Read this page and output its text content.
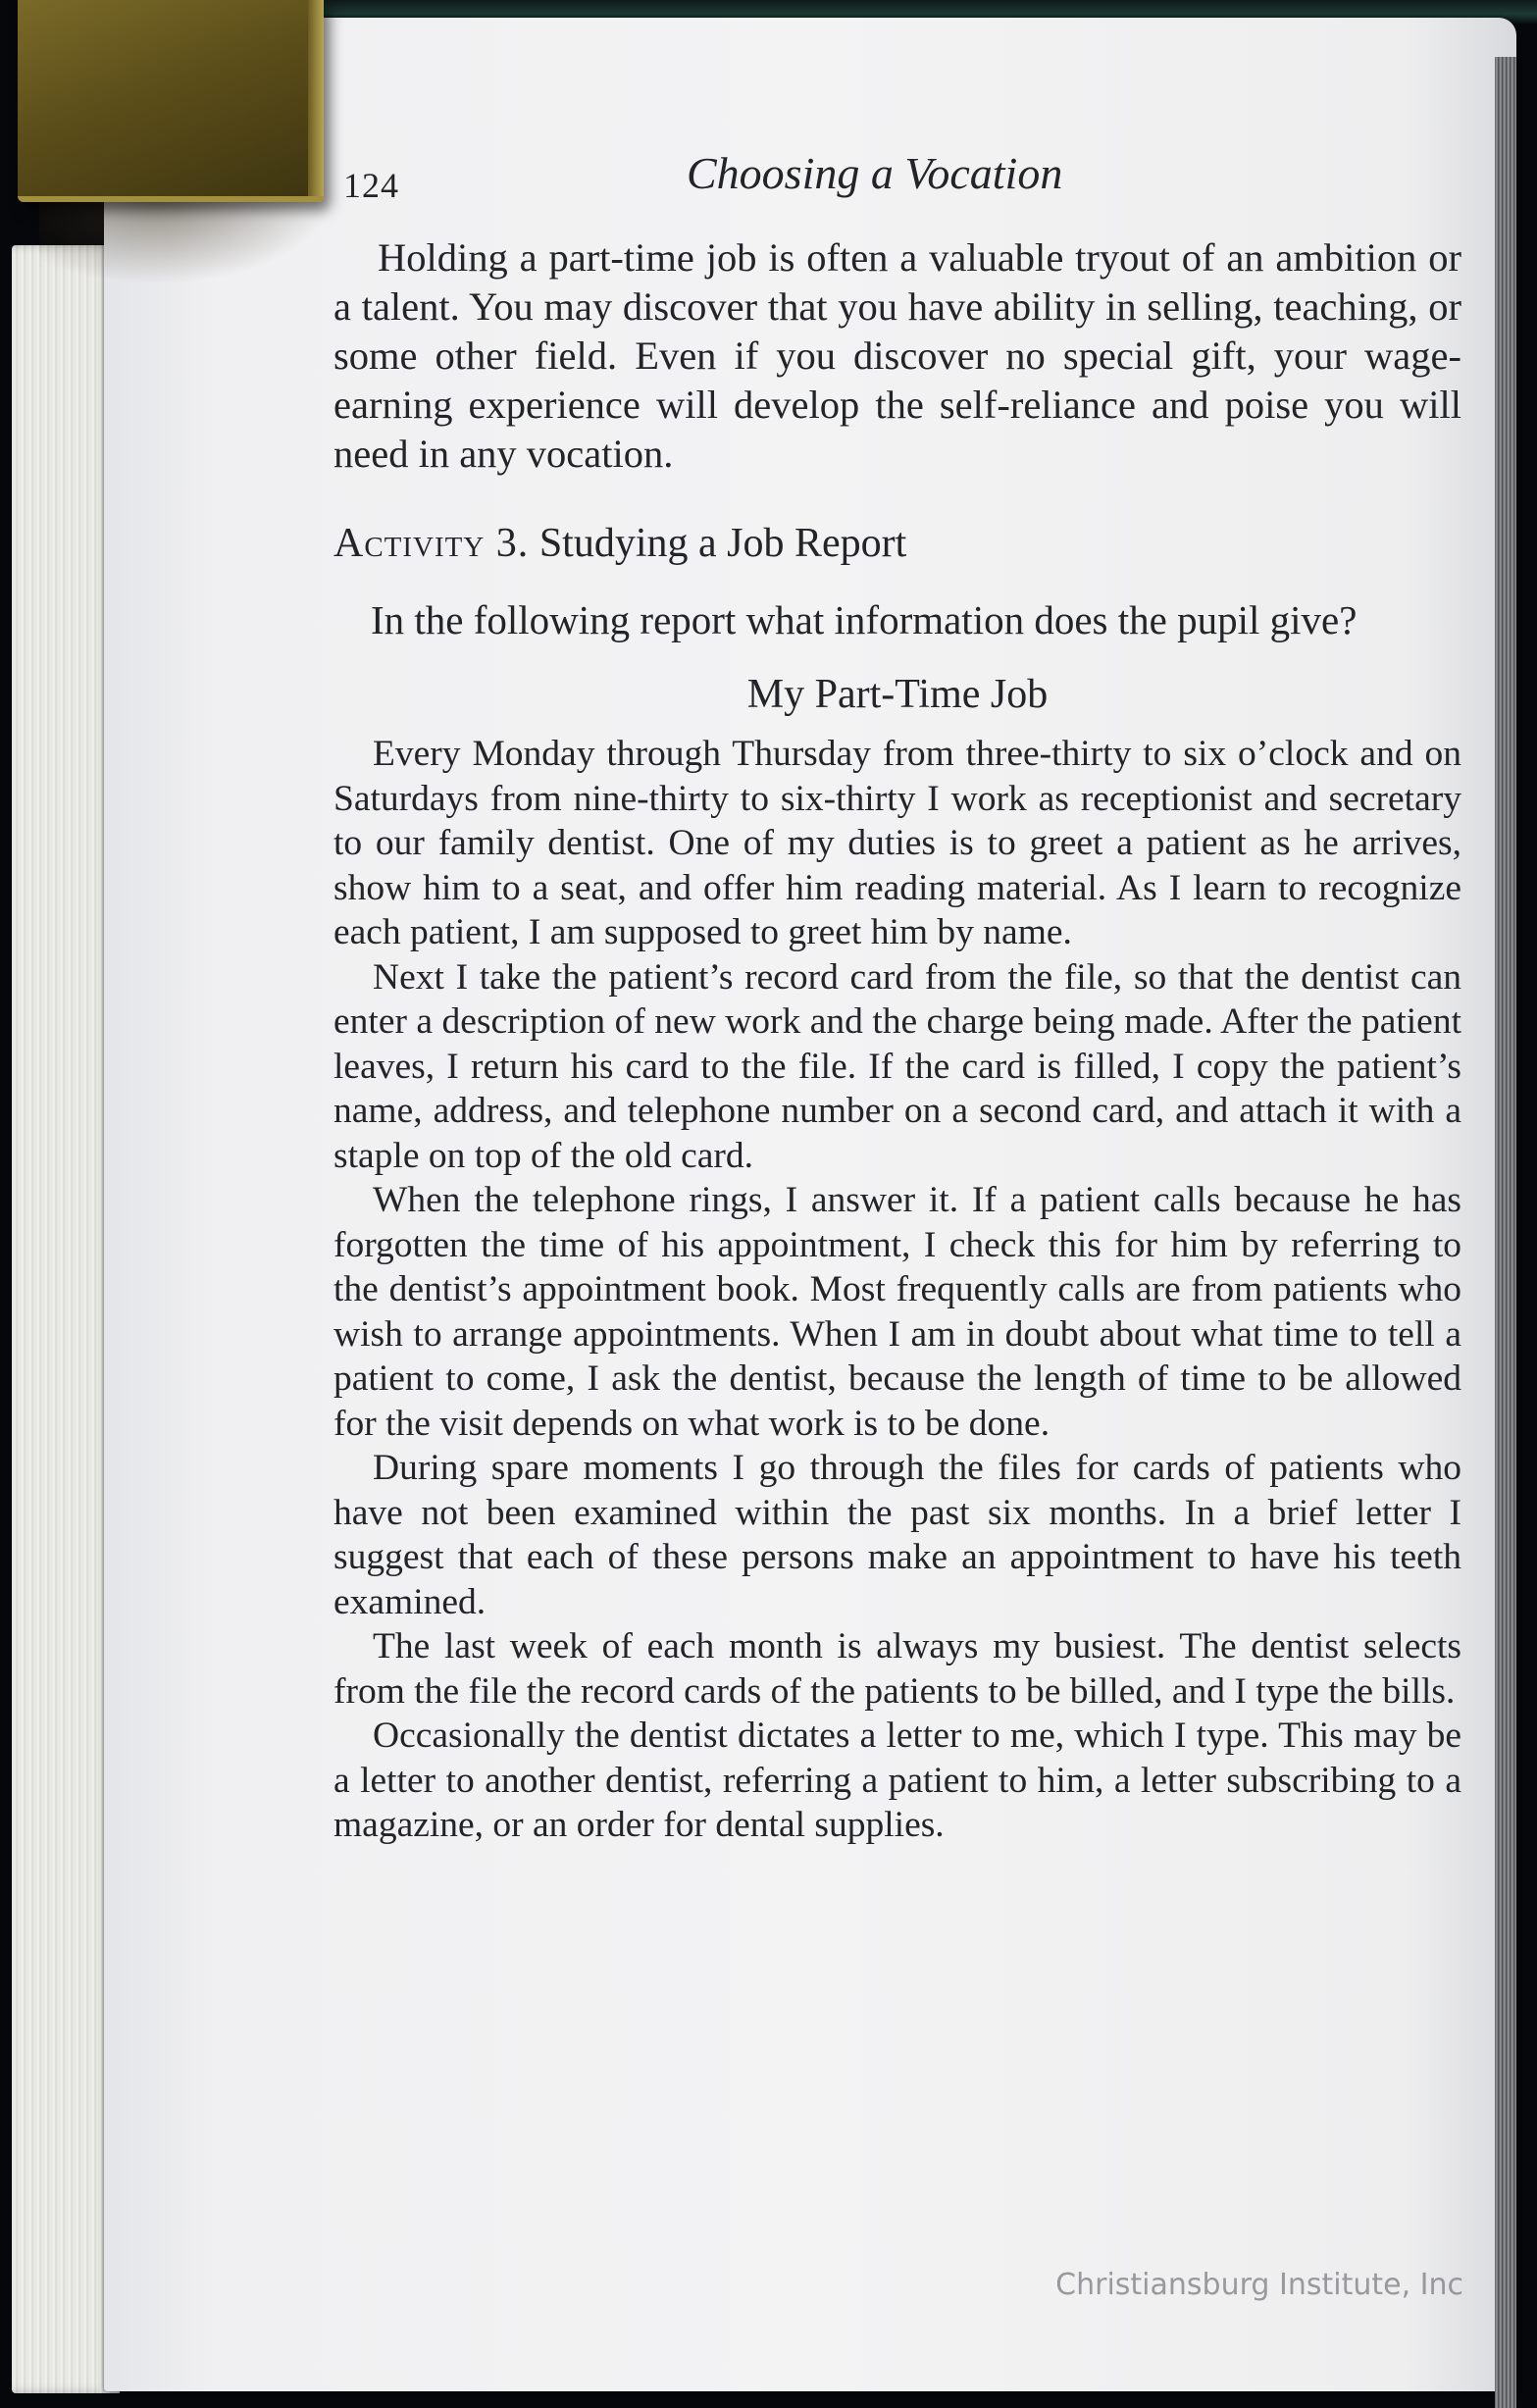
124	Choosing a Vocation

Holding a part-time job is often a valuable tryout of an ambition or a talent. You may discover that you have ability in selling, teaching, or some other field. Even if you discover no special gift, your wage-earning experience will develop the self-reliance and poise you will need in any vocation.

Activity 3. Studying a Job Report

In the following report what information does the pupil give?

My Part-Time Job

Every Monday through Thursday from three-thirty to six o’clock and on Saturdays from nine-thirty to six-thirty I work as receptionist and secretary to our family dentist. One of my duties is to greet a patient as he arrives, show him to a seat, and offer him reading material. As I learn to recognize each patient, I am supposed to greet him by name.

Next I take the patient’s record card from the file, so that the dentist can enter a description of new work and the charge being made. After the patient leaves, I return his card to the file. If the card is filled, I copy the patient’s name, address, and telephone number on a second card, and attach it with a staple on top of the old card.

When the telephone rings, I answer it. If a patient calls because he has forgotten the time of his appointment, I check this for him by referring to the dentist’s appointment book. Most frequently calls are from patients who wish to arrange appointments. When I am in doubt about what time to tell a patient to come, I ask the dentist, because the length of time to be allowed for the visit depends on what work is to be done.

During spare moments I go through the files for cards of patients who have not been examined within the past six months. In a brief letter I suggest that each of these persons make an appointment to have his teeth examined.

The last week of each month is always my busiest. The dentist selects from the file the record cards of the patients to be billed, and I type the bills.

Occasionally the dentist dictates a letter to me, which I type. This may be a letter to another dentist, referring a patient to him, a letter subscribing to a magazine, or an order for dental supplies.

Christiansburg Institute, Inc
